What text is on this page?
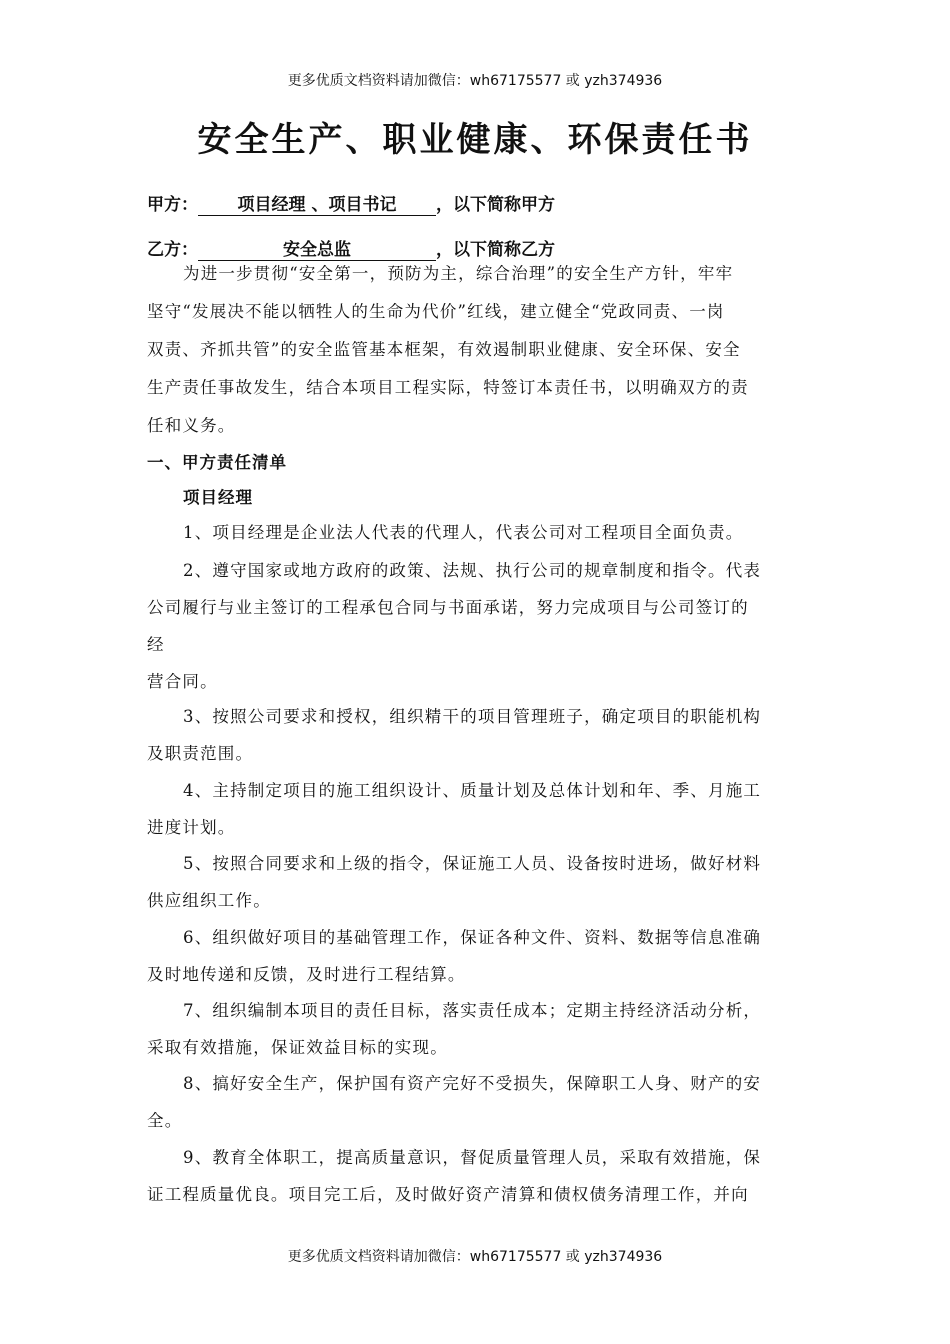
更多优质文档资料请加微信：wh67175577 或 yzh374936
安全生产、职业健康、环保责任书
甲方： 项目经理 、项目书记 ，以下简称甲方
乙方：	安全总监	，以下简称乙方
为进一步贯彻“安全第一，预防为主，综合治理”的安全生产方针，牢牢
坚守“发展决不能以牺牲人的生命为代价”红线，建立健全“党政同责、一岗
双责、齐抓共管”的安全监管基本框架，有效遏制职业健康、安全环保、安全
生产责任事故发生，结合本项目工程实际，特签订本责任书，以明确双方的责
任和义务。
一、甲方责任清单
项目经理
1、项目经理是企业法人代表的代理人，代表公司对工程项目全面负责。
2、遵守国家或地方政府的政策、法规、执行公司的规章制度和指令。代表
公司履行与业主签订的工程承包合同与书面承诺，努力完成项目与公司签订的
经
营合同。
3、按照公司要求和授权，组织精干的项目管理班子，确定项目的职能机构
及职责范围。
4、主持制定项目的施工组织设计、质量计划及总体计划和年、季、月施工
进度计划。
5、按照合同要求和上级的指令，保证施工人员、设备按时进场，做好材料
供应组织工作。
6、组织做好项目的基础管理工作，保证各种文件、资料、数据等信息准确
及时地传递和反馈，及时进行工程结算。
7、组织编制本项目的责任目标，落实责任成本；定期主持经济活动分析，
采取有效措施，保证效益目标的实现。
8、搞好安全生产，保护国有资产完好不受损失，保障职工人身、财产的安
全。
9、教育全体职工，提高质量意识，督促质量管理人员，采取有效措施，保
证工程质量优良。项目完工后，及时做好资产清算和债权债务清理工作，并向
更多优质文档资料请加微信：wh67175577 或 yzh374936
